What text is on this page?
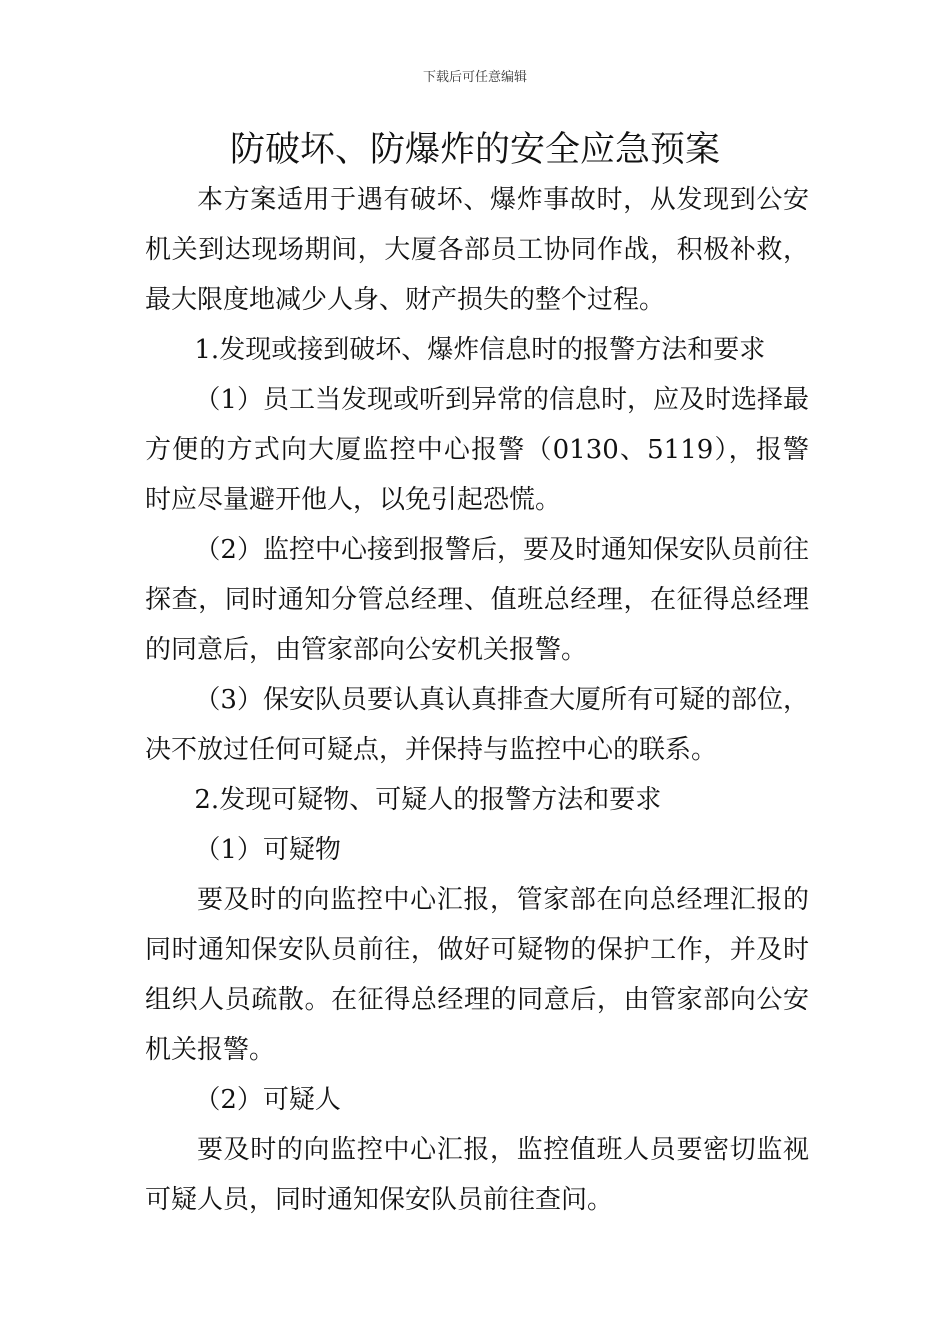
下载后可任意编辑
防破坏、防爆炸的安全应急预案

本方案适用于遇有破坏、爆炸事故时，从发现到公安机关到达现场期间，大厦各部员工协同作战，积极补救，最大限度地减少人身、财产损失的整个过程。

1.发现或接到破坏、爆炸信息时的报警方法和要求

（1）员工当发现或听到异常的信息时，应及时选择最方便的方式向大厦监控中心报警（0130、5119），报警时应尽量避开他人，以免引起恐慌。

（2）监控中心接到报警后，要及时通知保安队员前往探查，同时通知分管总经理、值班总经理，在征得总经理的同意后，由管家部向公安机关报警。

（3）保安队员要认真认真排查大厦所有可疑的部位，决不放过任何可疑点，并保持与监控中心的联系。

2.发现可疑物、可疑人的报警方法和要求

（1）可疑物

要及时的向监控中心汇报，管家部在向总经理汇报的同时通知保安队员前往，做好可疑物的保护工作，并及时组织人员疏散。在征得总经理的同意后，由管家部向公安机关报警。

（2）可疑人

要及时的向监控中心汇报，监控值班人员要密切监视可疑人员，同时通知保安队员前往查问。
